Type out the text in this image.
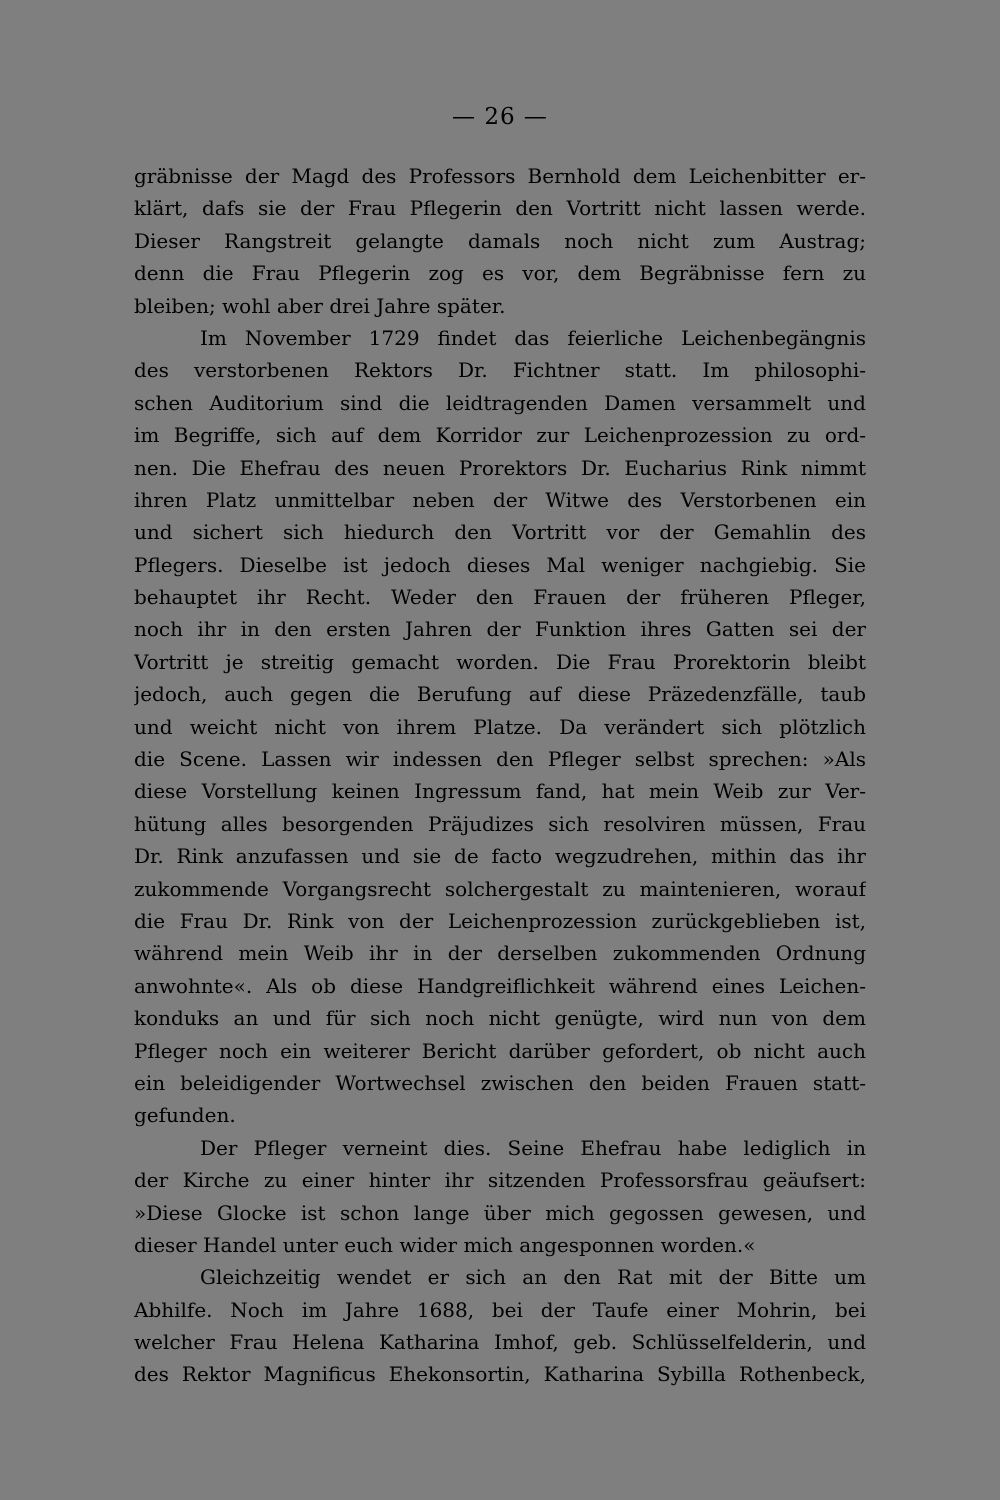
— 26 —
gräbnisse der Magd des Professors Bernhold dem Leichenbitter er-
klärt, dafs sie der Frau Pflegerin den Vortritt nicht lassen werde.
Dieser Rangstreit gelangte damals noch nicht zum Austrag;
denn die Frau Pflegerin zog es vor, dem Begräbnisse fern zu
bleiben; wohl aber drei Jahre später.
Im November 1729 findet das feierliche Leichenbegängnis
des verstorbenen Rektors Dr. Fichtner statt. Im philosophi-
schen Auditorium sind die leidtragenden Damen versammelt und
im Begriffe, sich auf dem Korridor zur Leichenprozession zu ord-
nen. Die Ehefrau des neuen Prorektors Dr. Eucharius Rink nimmt
ihren Platz unmittelbar neben der Witwe des Verstorbenen ein
und sichert sich hiedurch den Vortritt vor der Gemahlin des
Pflegers. Dieselbe ist jedoch dieses Mal weniger nachgiebig. Sie
behauptet ihr Recht. Weder den Frauen der früheren Pfleger,
noch ihr in den ersten Jahren der Funktion ihres Gatten sei der
Vortritt je streitig gemacht worden. Die Frau Prorektorin bleibt
jedoch, auch gegen die Berufung auf diese Präzedenzfälle, taub
und weicht nicht von ihrem Platze. Da verändert sich plötzlich
die Scene. Lassen wir indessen den Pfleger selbst sprechen: »Als
diese Vorstellung keinen Ingressum fand, hat mein Weib zur Ver-
hütung alles besorgenden Präjudizes sich resolviren müssen, Frau
Dr. Rink anzufassen und sie de facto wegzudrehen, mithin das ihr
zukommende Vorgangsrecht solchergestalt zu maintenieren, worauf
die Frau Dr. Rink von der Leichenprozession zurückgeblieben ist,
während mein Weib ihr in der derselben zukommenden Ordnung
anwohnte«. Als ob diese Handgreiflichkeit während eines Leichen-
konduks an und für sich noch nicht genügte, wird nun von dem
Pfleger noch ein weiterer Bericht darüber gefordert, ob nicht auch
ein beleidigender Wortwechsel zwischen den beiden Frauen statt-
gefunden.
Der Pfleger verneint dies. Seine Ehefrau habe lediglich in
der Kirche zu einer hinter ihr sitzenden Professorsfrau geäufsert:
»Diese Glocke ist schon lange über mich gegossen gewesen, und
dieser Handel unter euch wider mich angesponnen worden.«
Gleichzeitig wendet er sich an den Rat mit der Bitte um
Abhilfe. Noch im Jahre 1688, bei der Taufe einer Mohrin, bei
welcher Frau Helena Katharina Imhof, geb. Schlüsselfelderin, und
des Rektor Magnificus Ehekonsortin, Katharina Sybilla Rothenbeck,
